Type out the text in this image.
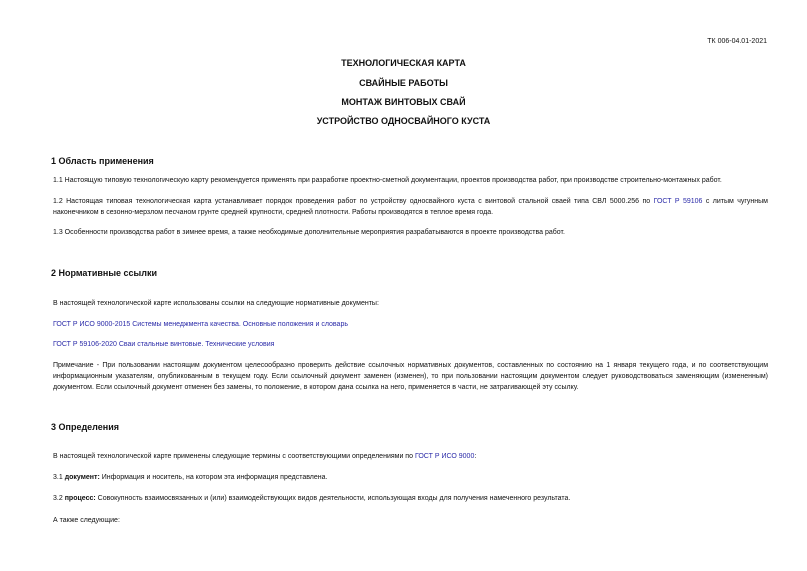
ТК 006-04.01-2021
ТЕХНОЛОГИЧЕСКАЯ КАРТА
СВАЙНЫЕ РАБОТЫ
МОНТАЖ ВИНТОВЫХ СВАЙ
УСТРОЙСТВО ОДНОСВАЙНОГО КУСТА
1 Область применения
1.1 Настоящую типовую технологическую карту рекомендуется применять при разработке проектно-сметной документации, проектов производства работ, при производстве строительно-монтажных работ.
1.2 Настоящая типовая технологическая карта устанавливает порядок проведения работ по устройству односвайного куста с винтовой стальной сваей типа СВЛ 5000.256 по ГОСТ Р 59106 с литым чугунным наконечником в сезонно-мерзлом песчаном грунте средней крупности, средней плотности. Работы производятся в теплое время года.
1.3 Особенности производства работ в зимнее время, а также необходимые дополнительные мероприятия разрабатываются в проекте производства работ.
2 Нормативные ссылки
В настоящей технологической карте использованы ссылки на следующие нормативные документы:
ГОСТ Р ИСО 9000-2015 Системы менеджмента качества. Основные положения и словарь
ГОСТ Р 59106-2020 Сваи стальные винтовые. Технические условия
Примечание - При пользовании настоящим документом целесообразно проверить действие ссылочных нормативных документов, составленных по состоянию на 1 января текущего года, и по соответствующим информационным указателям, опубликованным в текущем году. Если ссылочный документ заменен (изменен), то при пользовании настоящим документом следует руководствоваться заменяющим (измененным) документом. Если ссылочный документ отменен без замены, то положение, в котором дана ссылка на него, применяется в части, не затрагивающей эту ссылку.
3 Определения
В настоящей технологической карте применены следующие термины с соответствующими определениями по ГОСТ Р ИСО 9000:
3.1 документ: Информация и носитель, на котором эта информация представлена.
3.2 процесс: Совокупность взаимосвязанных и (или) взаимодействующих видов деятельности, использующая входы для получения намеченного результата.
А также следующие:
